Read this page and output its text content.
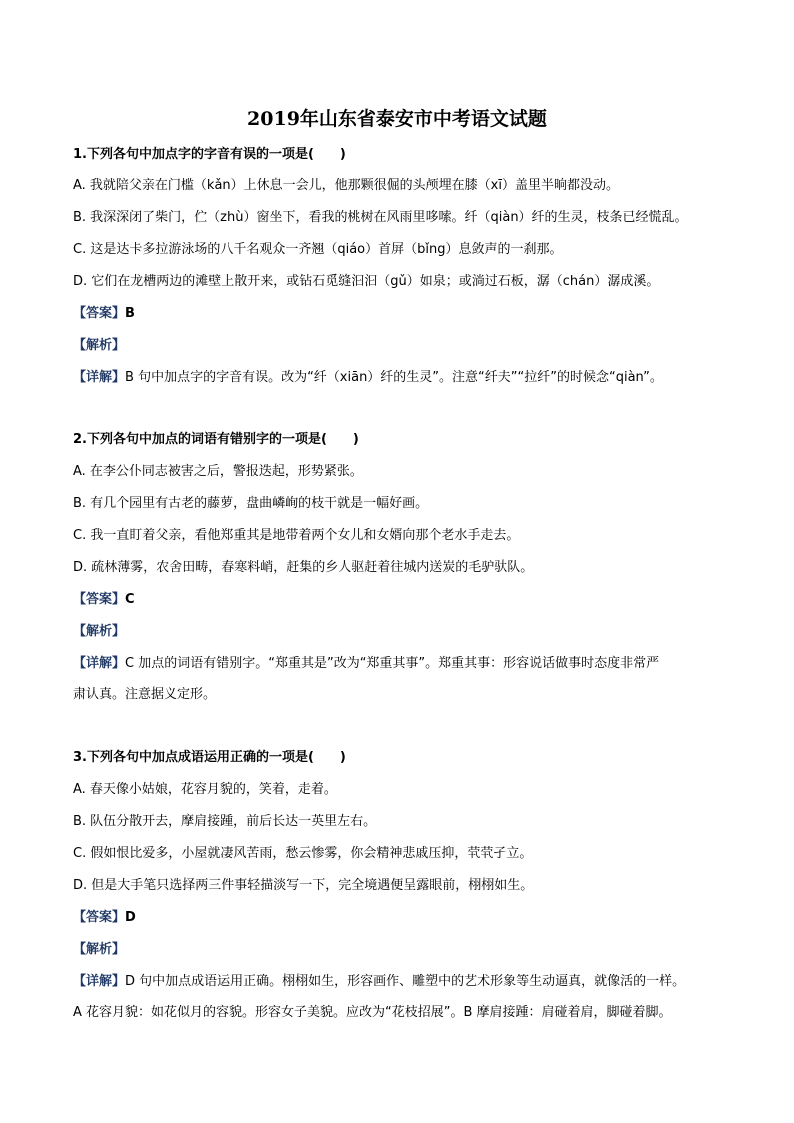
2019年山东省泰安市中考语文试题
1.下列各句中加点字的字音有误的一项是(　　)
A. 我就陪父亲在门槛（kǎn）上休息一会儿，他那颗很倔的头颅埋在膝（xī）盖里半晌都没动。
B. 我深深闭了柴门，伫（zhù）窗坐下，看我的桃树在风雨里哆嗦。纤（qiàn）纤的生灵，枝条已经慌乱。
C. 这是达卡多拉游泳场的八千名观众一齐翘（qiáo）首屏（bǐng）息敛声的一刹那。
D. 它们在龙槽两边的滩壁上散开来，或钻石觅缝汩汩（gǔ）如泉；或淌过石板，潺（chán）潺成溪。
【答案】B
【解析】
【详解】B 句中加点字的字音有误。改为“纤（xiān）纤的生灵”。注意“纤夫”“拉纤”的时候念“qiàn”。
2.下列各句中加点的词语有错别字的一项是(　　)
A. 在李公仆同志被害之后，警报迭起，形势紧张。
B. 有几个园里有古老的藤萝，盘曲嶙峋的枝干就是一幅好画。
C. 我一直盯着父亲，看他郑重其是地带着两个女儿和女婿向那个老水手走去。
D. 疏林薄雾，农舍田畴，春寒料峭，赶集的乡人驱赶着往城内送炭的毛驴驮队。
【答案】C
【解析】
【详解】C 加点的词语有错别字。“郑重其是”改为“郑重其事”。郑重其事：形容说话做事时态度非常严
肃认真。注意据义定形。
3.下列各句中加点成语运用正确的一项是(　　)
A. 春天像小姑娘，花容月貌的，笑着，走着。
B. 队伍分散开去，摩肩接踵，前后长达一英里左右。
C. 假如恨比爱多，小屋就凄风苦雨，愁云惨雾，你会精神悲戚压抑，茕茕孑立。
D. 但是大手笔只选择两三件事轻描淡写一下，完全境遇便呈露眼前，栩栩如生。
【答案】D
【解析】
【详解】D 句中加点成语运用正确。栩栩如生，形容画作、雕塑中的艺术形象等生动逼真，就像活的一样。
A 花容月貌：如花似月的容貌。形容女子美貌。应改为“花枝招展”。B 摩肩接踵：肩碰着肩，脚碰着脚。
